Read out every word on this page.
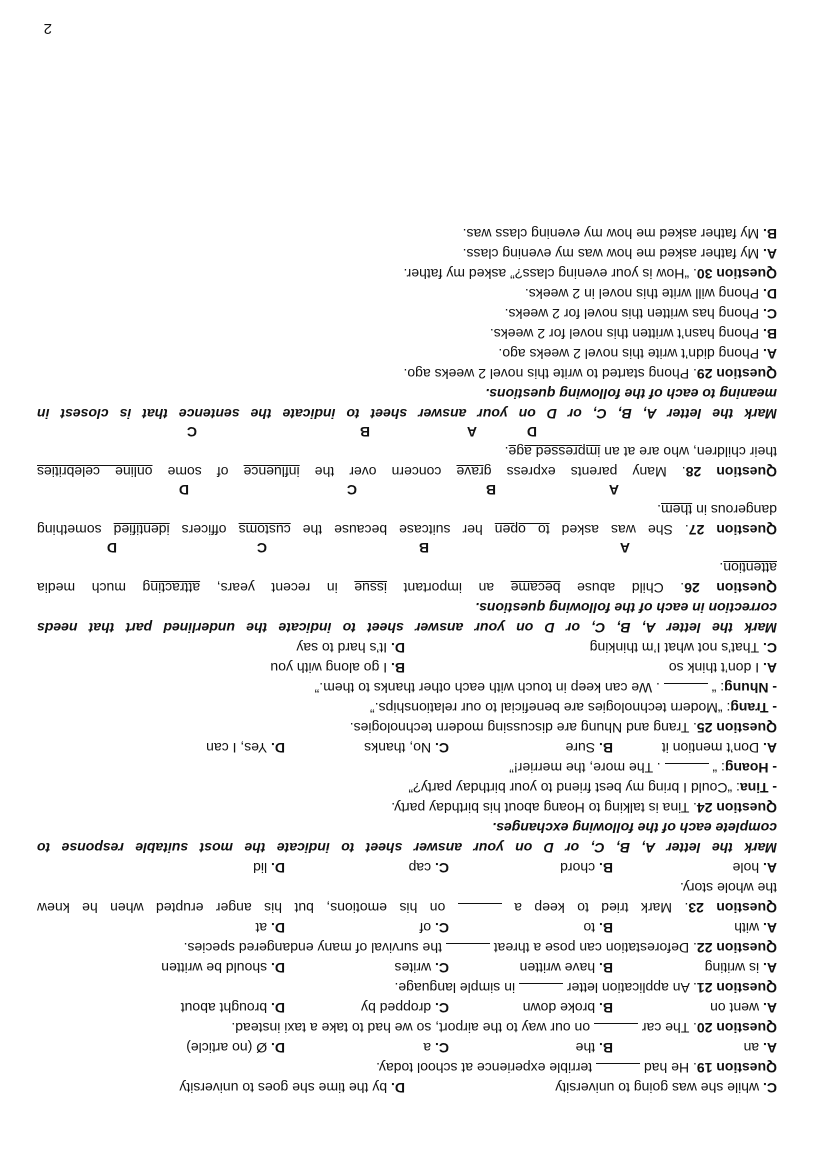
C. while she was going to university
D. by the time she goes to university
Question 19. He had  terrible experience at school today.
A. an
B. the
C. a
D. Ø (no article)
Question 20. The car  on our way to the airport, so we had to take a taxi instead.
A. went on
B. broke down
C. dropped by
D. brought about
Question 21. An application letter  in simple language.
A. is writing
B. have written
C. writes
D. should be written
Question 22. Deforestation can pose a threat  the survival of many endangered species.
A. with
B. to
C. of
D. at
Question 23. Mark tried to keep a  on his emotions, but his anger erupted when he knew
the whole story.
A. hole
B. chord
C. cap
D. lid
Mark the letter A, B, C, or D on your answer sheet to indicate the most suitable response to
complete each of the following exchanges.
Question 24. Tina is talking to Hoang about his birthday party.
- Tina: “Could I bring my best friend to your birthday party?”
- Hoang: “  . The more, the merrier!”
A. Don’t mention it
B. Sure
C. No, thanks
D. Yes, I can
Question 25. Trang and Nhung are discussing modern technologies.
- Trang: “Modern technologies are beneficial to our relationships.”
- Nhung: “  . We can keep in touch with each other thanks to them.”
A. I don’t think so
B. I go along with you
C. That’s not what I’m thinking
D. It’s hard to say
Mark the letter A, B, C, or D on your answer sheet to indicate the underlined part that needs
correction in each of the following questions.
Question 26. Child abuse became an important issue in recent years, attracting much media
attention.
A
B
C
D
Question 27. She was asked to open her suitcase because the customs officers identified something
dangerous in them.
A
B
C
D
Question 28. Many parents express grave concern over the influence of some online celebrities
their children, who are at an impressed age.
A
B
C	D
Mark the letter A, B, C, or D on your answer sheet to indicate the sentence that is closest in
meaning to each of the following questions.
Question 29. Phong started to write this novel 2 weeks ago.
A. Phong didn’t write this novel 2 weeks ago.
B. Phong hasn’t written this novel for 2 weeks.
C. Phong has written this novel for 2 weeks.
D. Phong will write this novel in 2 weeks.
Question 30. “How is your evening class?” asked my father.
A. My father asked me how was my evening class.
B. My father asked me how my evening class was.
2
